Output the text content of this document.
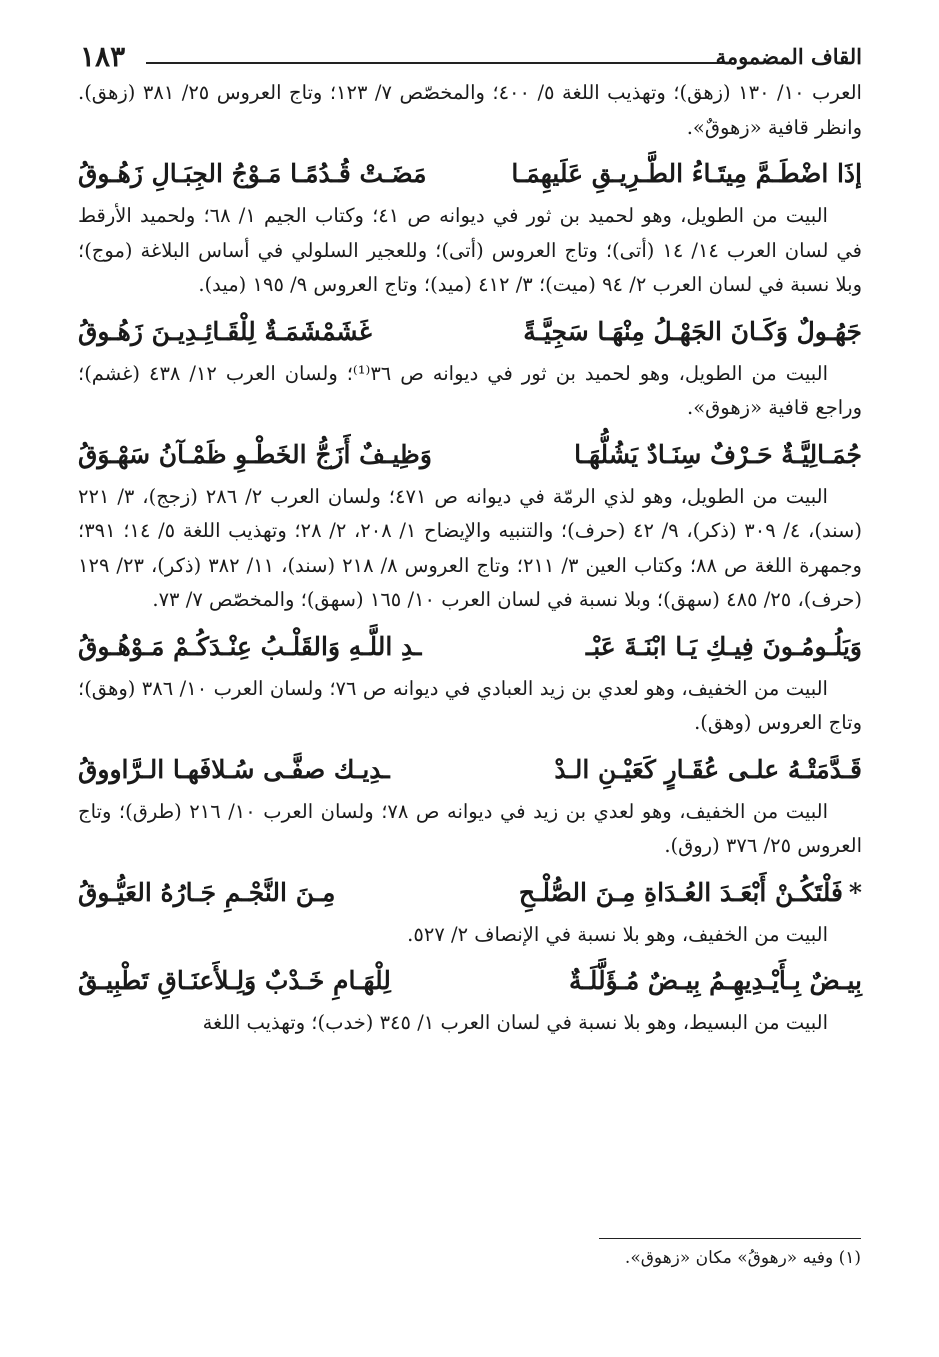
١٨٣	القاف المضمومة

العرب ١٠/ ١٣٠ (زهق)؛ وتهذيب اللغة ٥/ ٤٠٠؛ والمخصّص ٧/ ١٢٣؛ وتاج العروس ٢٥/ ٣٨١ (زهق). وانظر قافية «زهوقٌ».

إذَا اضْطَـمَّ مِيتَـاءُ الطَّـرِيـقِ عَلَيهِمَـا
مَضَـتْ قُـدُمًـا مَـوْجُ الجِبَـالِ زَهُـوقُ

البيت من الطويل، وهو لحميد بن ثور في ديوانه ص ٤١؛ وكتاب الجيم ١/ ٦٨؛ ولحميد الأرقط في لسان العرب ١٤/ ١٤ (أتى)؛ وتاج العروس (أتى)؛ وللعجير السلولي في أساس البلاغة (موج)؛ وبلا نسبة في لسان العرب ٢/ ٩٤ (ميت)؛ ٣/ ٤١٢ (ميد)؛ وتاج العروس ٩/ ١٩٥ (ميد).

جَهُـولٌ وَكَـانَ الجَهْـلُ مِنْهَـا سَجِيَّـةً
غَشَمْشَمَـةٌ لِلْقَـائِـدِيـنَ زَهُـوقُ

البيت من الطويل، وهو لحميد بن ثور في ديوانه ص ٣٦⁽¹⁾؛ ولسان العرب ١٢/ ٤٣٨ (غشم)؛ وراجع قافية «زهوق».

جُمَـالِيَّـةٌ حَـرْفٌ سِنَـادٌ يَشُلُّهَـا
وَظِيـفٌ أَزَجُّ الخَطْـوِ ظَمْـآنُ سَهْـوَقُ

البيت من الطويل، وهو لذي الرمّة في ديوانه ص ٤٧١؛ ولسان العرب ٢/ ٢٨٦ (زجج)، ٣/ ٢٢١ (سند)، ٤/ ٣٠٩ (ذكر)، ٩/ ٤٢ (حرف)؛ والتنبيه والإيضاح ١/ ٢٠٨، ٢/ ٢٨؛ وتهذيب اللغة ٥/ ١٤؛ ٣٩١؛ وجمهرة اللغة ص ٨٨؛ وكتاب العين ٣/ ٢١١؛ وتاج العروس ٨/ ٢١٨ (سند)، ١١/ ٣٨٢ (ذكر)، ٢٣/ ١٢٩ (حرف)، ٢٥/ ٤٨٥ (سهق)؛ وبلا نسبة في لسان العرب ١٠/ ١٦٥ (سهق)؛ والمخصّص ٧/ ٧٣.

وَيَلُـومُـونَ فِيـكِ يَـا ابْنَـةَ عَبْـ
ـدِ اللَّـهِ وَالقَلْـبُ عِنْـدَكُـمْ مَـوْهُـوقُ

البيت من الخفيف، وهو لعدي بن زيد العبادي في ديوانه ص ٧٦؛ ولسان العرب ١٠/ ٣٨٦ (وهق)؛ وتاج العروس (وهق).

قَـدَّمَتْـهُ علـى عُقَـارٍ كَعَيْـنِ الـدْ
ـدِيـك صفَّـى سُـلافَهـا الـرَّاووقُ

البيت من الخفيف، وهو لعدي بن زيد في ديوانه ص ٧٨؛ ولسان العرب ١٠/ ٢١٦ (طرق)؛ وتاج العروس ٢٥/ ٣٧٦ (روق).

*فَلْتَكُـنْ أَبْعَـدَ العُـدَاةِ مِـنَ الصُّلْـحِ
مِـنَ النَّجْـمِ جَـارُهُ العَيُّـوقُ

البيت من الخفيف، وهو بلا نسبة في الإنصاف ٢/ ٥٢٧.

بِيـضٌ بِـأَيْـدِيهِـمُ بِيـضٌ مُـؤَلَّلَـةٌ
لِلْهَـامِ خَـدْبٌ وَلِـلأَعنَـاقِ تَطْبِيـقُ

البيت من البسيط، وهو بلا نسبة في لسان العرب ١/ ٣٤٥ (خدب)؛ وتهذيب اللغة

(١) وفيه «رهوقُ» مكان «زهوق».
